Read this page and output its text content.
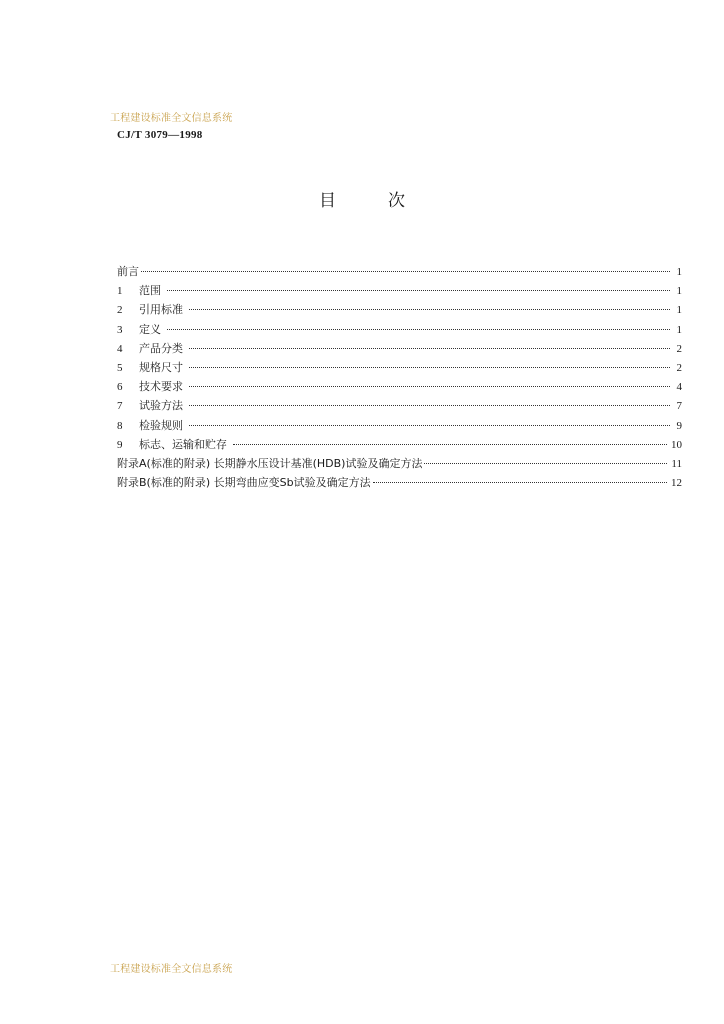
工程建设标准全文信息系统
CJ/T 3079—1998
目	次
前言	1
1	范围	1
2	引用标准	1
3	定义	1
4	产品分类	2
5	规格尺寸	2
6	技术要求	4
7	试验方法	7
8	检验规则	9
9	标志、运输和贮存	10
附录A(标准的附录) 长期静水压设计基准(HDB)试验及确定方法	11
附录B(标准的附录) 长期弯曲应变Sb试验及确定方法	12
工程建设标准全文信息系统
